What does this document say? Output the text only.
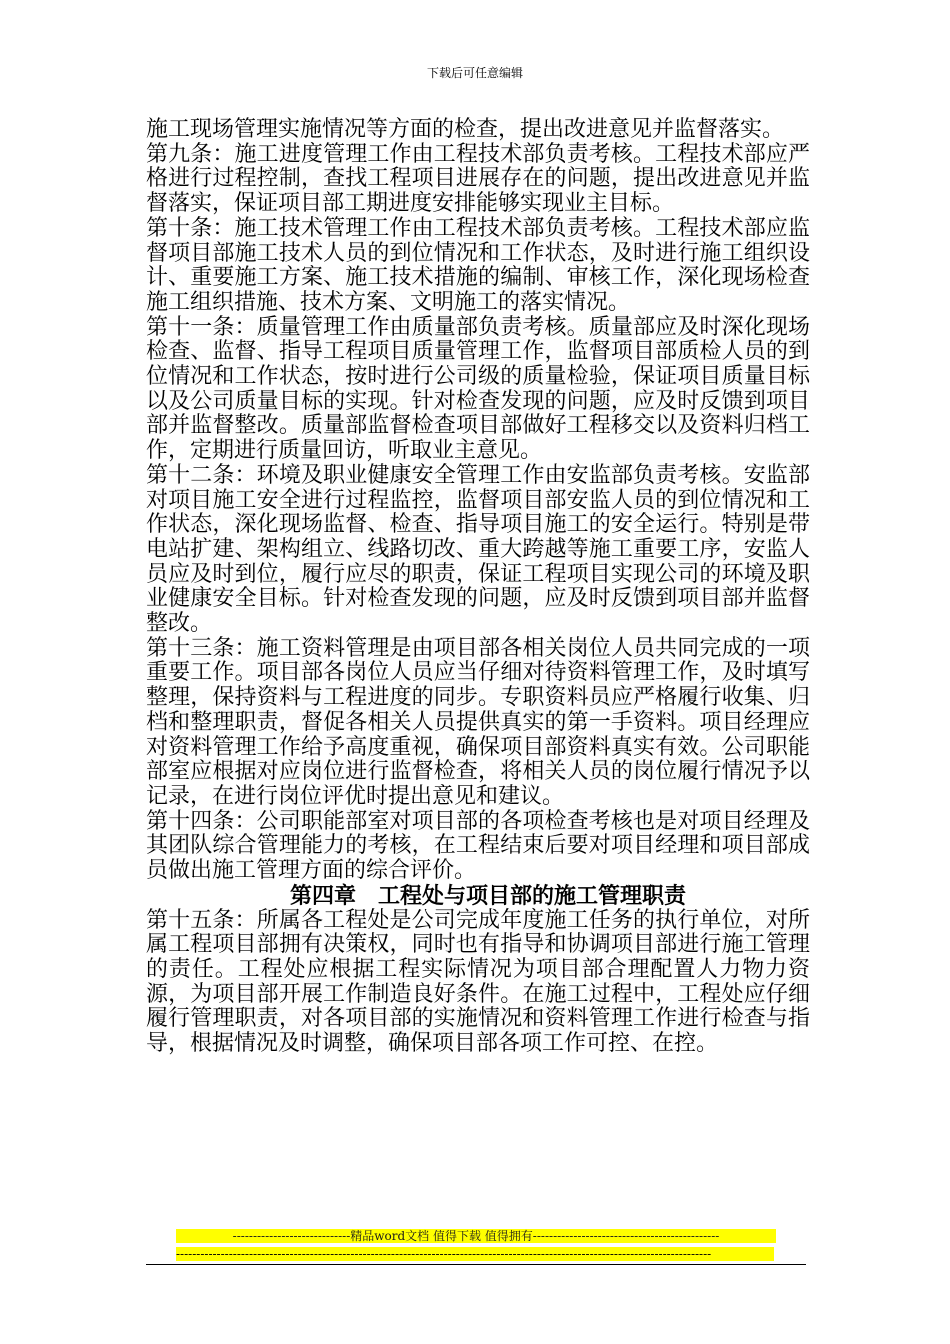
下载后可任意编辑

施工现场管理实施情况等方面的检查，提出改进意见并监督落实。

第九条：施工进度管理工作由工程技术部负责考核。工程技术部应严格进行过程控制，查找工程项目进展存在的问题，提出改进意见并监督落实，保证项目部工期进度安排能够实现业主目标。

第十条：施工技术管理工作由工程技术部负责考核。工程技术部应监督项目部施工技术人员的到位情况和工作状态，及时进行施工组织设计、重要施工方案、施工技术措施的编制、审核工作，深化现场检查施工组织措施、技术方案、文明施工的落实情况。

第十一条：质量管理工作由质量部负责考核。质量部应及时深化现场检查、监督、指导工程项目质量管理工作，监督项目部质检人员的到位情况和工作状态，按时进行公司级的质量检验，保证项目质量目标以及公司质量目标的实现。针对检查发现的问题，应及时反馈到项目部并监督整改。质量部监督检查项目部做好工程移交以及资料归档工作，定期进行质量回访，听取业主意见。

第十二条：环境及职业健康安全管理工作由安监部负责考核。安监部对项目施工安全进行过程监控，监督项目部安监人员的到位情况和工作状态，深化现场监督、检查、指导项目施工的安全运行。特别是带电站扩建、架构组立、线路切改、重大跨越等施工重要工序，安监人员应及时到位，履行应尽的职责，保证工程项目实现公司的环境及职业健康安全目标。针对检查发现的问题，应及时反馈到项目部并监督整改。

第十三条：施工资料管理是由项目部各相关岗位人员共同完成的一项重要工作。项目部各岗位人员应当仔细对待资料管理工作，及时填写整理，保持资料与工程进度的同步。专职资料员应严格履行收集、归档和整理职责，督促各相关人员提供真实的第一手资料。项目经理应对资料管理工作给予高度重视，确保项目部资料真实有效。公司职能部室应根据对应岗位进行监督检查，将相关人员的岗位履行情况予以记录，在进行岗位评优时提出意见和建议。

第十四条：公司职能部室对项目部的各项检查考核也是对项目经理及其团队综合管理能力的考核，在工程结束后要对项目经理和项目部成员做出施工管理方面的综合评价。

第四章　工程处与项目部的施工管理职责

第十五条：所属各工程处是公司完成年度施工任务的执行单位，对所属工程项目部拥有决策权，同时也有指导和协调项目部进行施工管理的责任。工程处应根据工程实际情况为项目部合理配置人力物力资源，为项目部开展工作制造良好条件。在施工过程中，工程处应仔细履行管理职责，对各项目部的实施情况和资料管理工作进行检查与指导，根据情况及时调整，确保项目部各项工作可控、在控。

-----------------------------精品word文档 值得下载 值得拥有----------------------------------------------
------------------------------------------------------------------------------------------------------------------------------------
